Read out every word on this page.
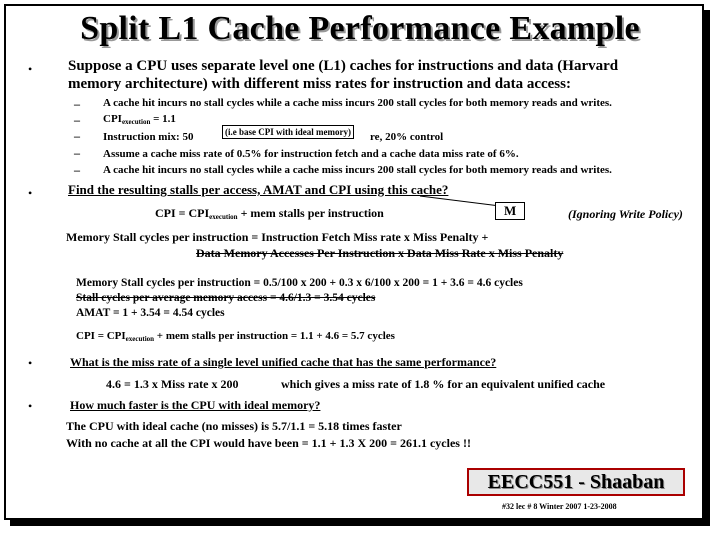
Split L1 Cache Performance Example
• Suppose a CPU uses separate level one (L1) caches for instructions and data (Harvard
memory architecture) with different miss rates for instruction and data access:
– A cache hit incurs no stall cycles while a cache miss incurs 200 stall cycles for both memory reads and writes.
– $CPI_{execution} = 1.1$
– Instruction mix: 50	re, 20% control
(i.e base CPI with ideal memory)
– Assume a cache miss rate of 0.5% for instruction fetch and a cache data miss rate of 6%.
– A cache hit incurs no stall cycles while a cache miss incurs 200 stall cycles for both memory reads and writes.
•	Find the resulting stalls per access, AMAT and CPI using this cache?
CPI = $CPI_{execution}$ + mem stalls per instruction	M	(Ignoring Write Policy)
Memory Stall cycles per instruction = Instruction Fetch Miss rate x Miss Penalty +
Data Memory Accesses Per Instruction x Data Miss Rate x Miss Penalty
Memory Stall cycles per instruction = 0.5/100 x 200 + 0.3 x 6/100 x 200 = 1 + 3.6 = 4.6 cycles
Stall cycles per average memory access = 4.6/1.3 = 3.54 cycles
AMAT = 1 + 3.54 = 4.54 cycles
CPI = $CPI_{execution}$ + mem stalls per instruction = 1.1 + 4.6 = 5.7 cycles
•	What is the miss rate of a single level unified cache that has the same performance?
4.6 = 1.3 x Miss rate x 200	which gives a miss rate of 1.8 % for an equivalent unified cache
•	How much faster is the CPU with ideal memory?
The CPU with ideal cache (no misses) is 5.7/1.1 = 5.18 times faster
With no cache at all the CPI would have been = 1.1 + 1.3 X 200 = 261.1 cycles !!
EECC551 - Shaaban
#32 lec # 8 Winter 2007 1-23-2008
